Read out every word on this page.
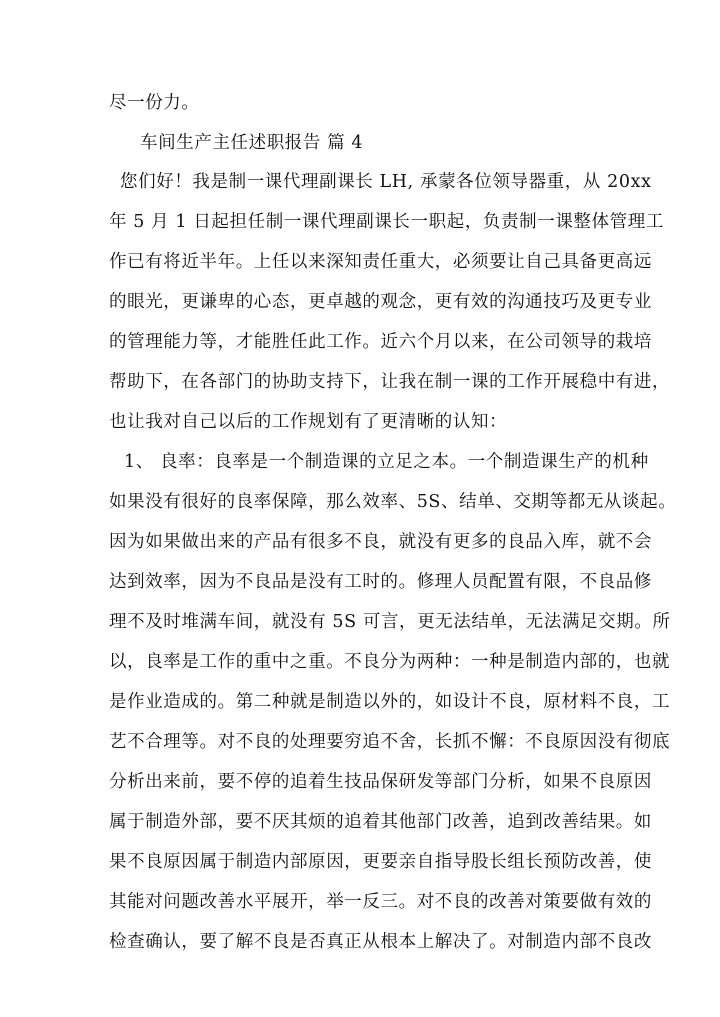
尽一份力。
车间生产主任述职报告 篇 4
您们好！我是制一课代理副课长 LH, 承蒙各位领导器重，从 20xx
年 5 月 1 日起担任制一课代理副课长一职起，负责制一课整体管理工
作已有将近半年。上任以来深知责任重大，必须要让自己具备更高远
的眼光，更谦卑的心态，更卓越的观念，更有效的沟通技巧及更专业
的管理能力等，才能胜任此工作。近六个月以来，在公司领导的栽培
帮助下，在各部门的协助支持下，让我在制一课的工作开展稳中有进，
也让我对自己以后的工作规划有了更清晰的认知：
1、 良率：良率是一个制造课的立足之本。一个制造课生产的机种
如果没有很好的良率保障，那么效率、5S、结单、交期等都无从谈起。
因为如果做出来的产品有很多不良，就没有更多的良品入库，就不会
达到效率，因为不良品是没有工时的。修理人员配置有限，不良品修
理不及时堆满车间，就没有 5S 可言，更无法结单，无法满足交期。所
以，良率是工作的重中之重。不良分为两种：一种是制造内部的，也就
是作业造成的。第二种就是制造以外的，如设计不良，原材料不良，工
艺不合理等。对不良的处理要穷追不舍，长抓不懈：不良原因没有彻底
分析出来前，要不停的追着生技品保研发等部门分析，如果不良原因
属于制造外部，要不厌其烦的追着其他部门改善，追到改善结果。如
果不良原因属于制造内部原因，更要亲自指导股长组长预防改善，使
其能对问题改善水平展开，举一反三。对不良的改善对策要做有效的
检查确认，要了解不良是否真正从根本上解决了。对制造内部不良改
